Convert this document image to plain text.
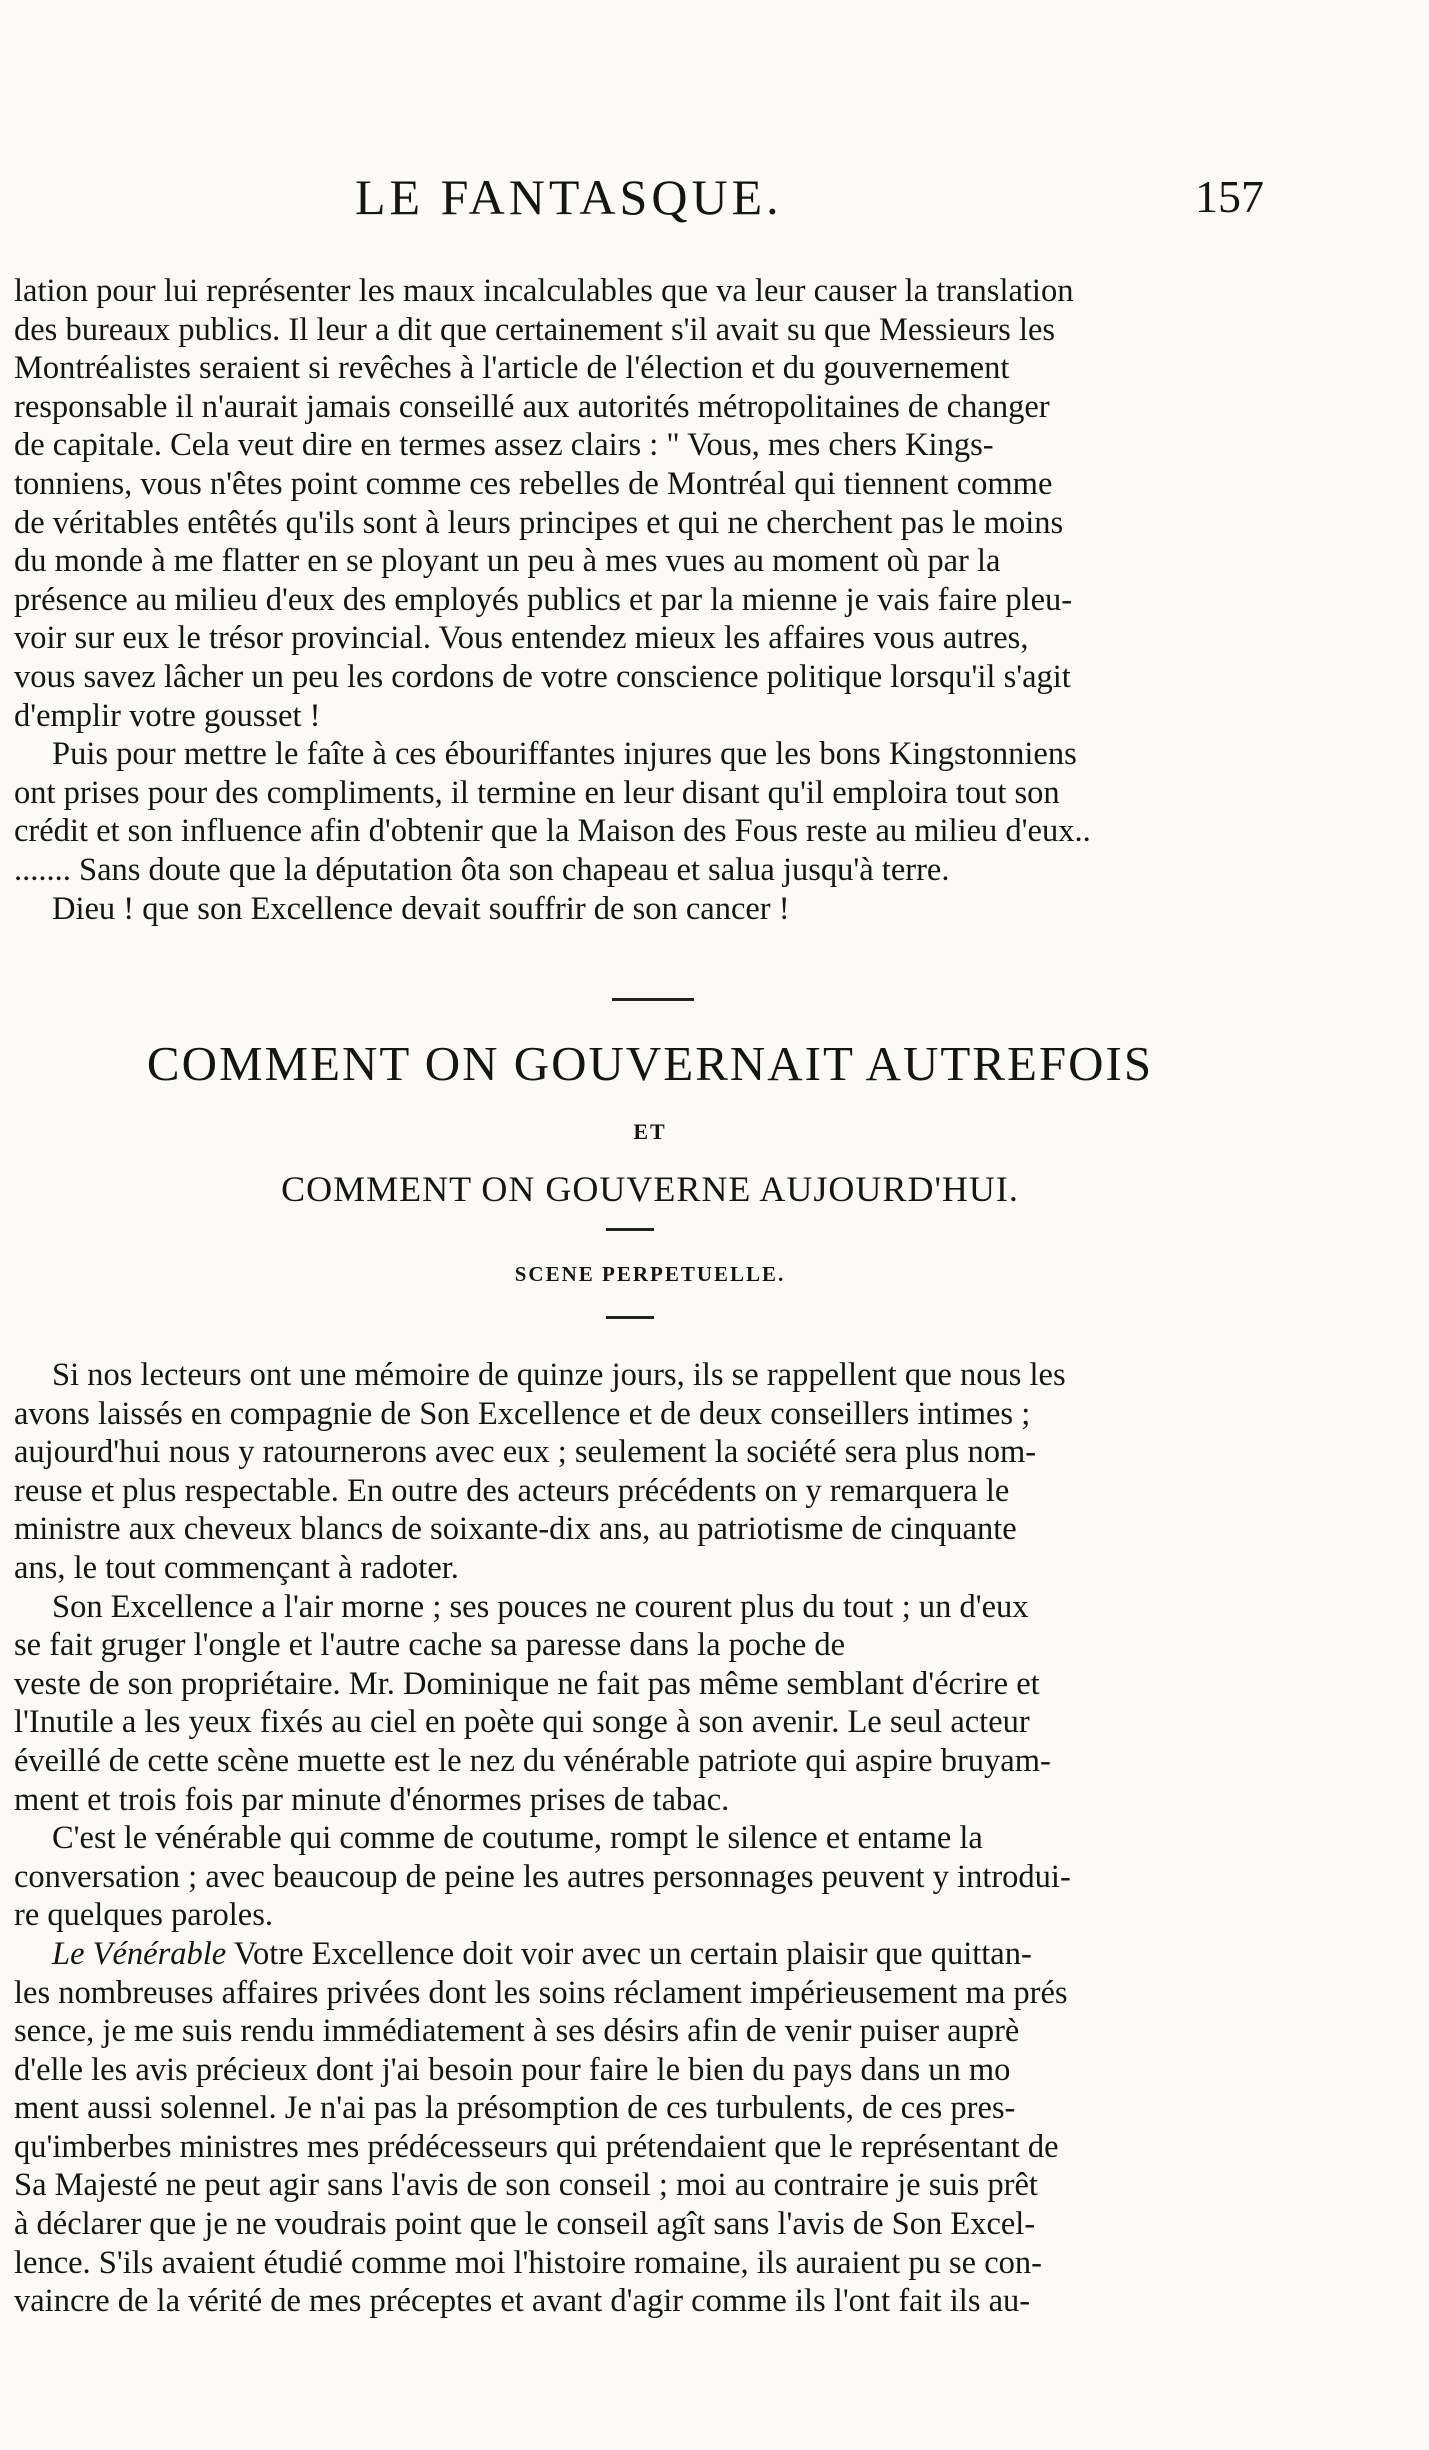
LE FANTASQUE.	157
lation pour lui représenter les maux incalculables que va leur causer la translation
des bureaux publics. Il leur a dit que certainement s'il avait su que Messieurs les
Montréalistes seraient si revêches à l'article de l'élection et du gouvernement
responsable il n'aurait jamais conseillé aux autorités métropolitaines de changer
de capitale. Cela veut dire en termes assez clairs : " Vous, mes chers Kings-
tonniens, vous n'êtes point comme ces rebelles de Montréal qui tiennent comme
de véritables entêtés qu'ils sont à leurs principes et qui ne cherchent pas le moins
du monde à me flatter en se ployant un peu à mes vues au moment où par la
présence au milieu d'eux des employés publics et par la mienne je vais faire pleu-
voir sur eux le trésor provincial. Vous entendez mieux les affaires vous autres,
vous savez lâcher un peu les cordons de votre conscience politique lorsqu'il s'agit
d'emplir votre gousset !
Puis pour mettre le faîte à ces ébouriffantes injures que les bons Kingstonniens
ont prises pour des compliments, il termine en leur disant qu'il emploira tout son
crédit et son influence afin d'obtenir que la Maison des Fous reste au milieu d'eux..
....... Sans doute que la députation ôta son chapeau et salua jusqu'à terre.
Dieu ! que son Excellence devait souffrir de son cancer !
COMMENT ON GOUVERNAIT AUTREFOIS
ET
COMMENT ON GOUVERNE AUJOURD'HUI.
SCENE PERPETUELLE.
Si nos lecteurs ont une mémoire de quinze jours, ils se rappellent que nous les
avons laissés en compagnie de Son Excellence et de deux conseillers intimes ;
aujourd'hui nous y ratournerons avec eux ; seulement la société sera plus nom-
reuse et plus respectable. En outre des acteurs précédents on y remarquera le
ministre aux cheveux blancs de soixante-dix ans, au patriotisme de cinquante
ans, le tout commençant à radoter.
Son Excellence a l'air morne ; ses pouces ne courent plus du tout ; un d'eux
se fait gruger l'ongle et l'autre cache sa paresse dans la poche de
veste de son propriétaire. Mr. Dominique ne fait pas même semblant d'écrire et
l'Inutile a les yeux fixés au ciel en poète qui songe à son avenir. Le seul acteur
éveillé de cette scène muette est le nez du vénérable patriote qui aspire bruyam-
ment et trois fois par minute d'énormes prises de tabac.
C'est le vénérable qui comme de coutume, rompt le silence et entame la
conversation ; avec beaucoup de peine les autres personnages peuvent y introdui-
re quelques paroles.
Le Vénérable Votre Excellence doit voir avec un certain plaisir que quittan-
les nombreuses affaires privées dont les soins réclament impérieusement ma prés
sence, je me suis rendu immédiatement à ses désirs afin de venir puiser auprè
d'elle les avis précieux dont j'ai besoin pour faire le bien du pays dans un mo
ment aussi solennel. Je n'ai pas la présomption de ces turbulents, de ces pres-
qu'imberbes ministres mes prédécesseurs qui prétendaient que le représentant de
Sa Majesté ne peut agir sans l'avis de son conseil ; moi au contraire je suis prêt
à déclarer que je ne voudrais point que le conseil agît sans l'avis de Son Excel-
lence. S'ils avaient étudié comme moi l'histoire romaine, ils auraient pu se con-
vaincre de la vérité de mes préceptes et avant d'agir comme ils l'ont fait ils au-
